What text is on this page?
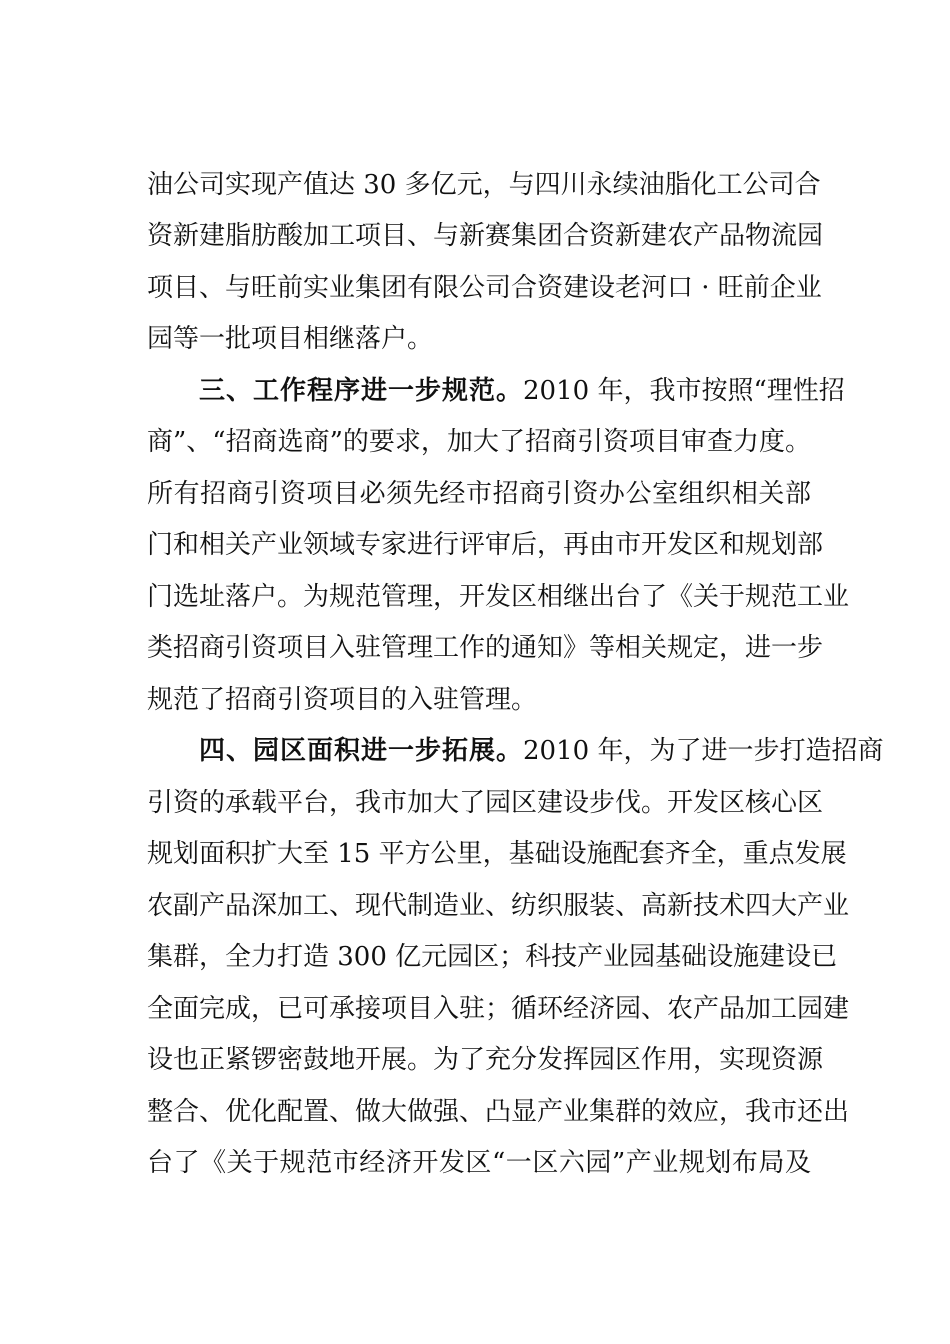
油公司实现产值达 30 多亿元，与四川永续油脂化工公司合
资新建脂肪酸加工项目、与新赛集团合资新建农产品物流园
项目、与旺前实业集团有限公司合资建设老河口 · 旺前企业
园等一批项目相继落户。
三、工作程序进一步规范。2010 年，我市按照“理性招
商”、“招商选商”的要求，加大了招商引资项目审查力度。
所有招商引资项目必须先经市招商引资办公室组织相关部
门和相关产业领域专家进行评审后，再由市开发区和规划部
门选址落户。为规范管理，开发区相继出台了《关于规范工业
类招商引资项目入驻管理工作的通知》等相关规定，进一步
规范了招商引资项目的入驻管理。
四、园区面积进一步拓展。2010 年，为了进一步打造招商
引资的承载平台，我市加大了园区建设步伐。开发区核心区
规划面积扩大至 15 平方公里，基础设施配套齐全，重点发展
农副产品深加工、现代制造业、纺织服装、高新技术四大产业
集群，全力打造 300 亿元园区；科技产业园基础设施建设已
全面完成，已可承接项目入驻；循环经济园、农产品加工园建
设也正紧锣密鼓地开展。为了充分发挥园区作用，实现资源
整合、优化配置、做大做强、凸显产业集群的效应，我市还出
台了《关于规范市经济开发区“一区六园”产业规划布局及
